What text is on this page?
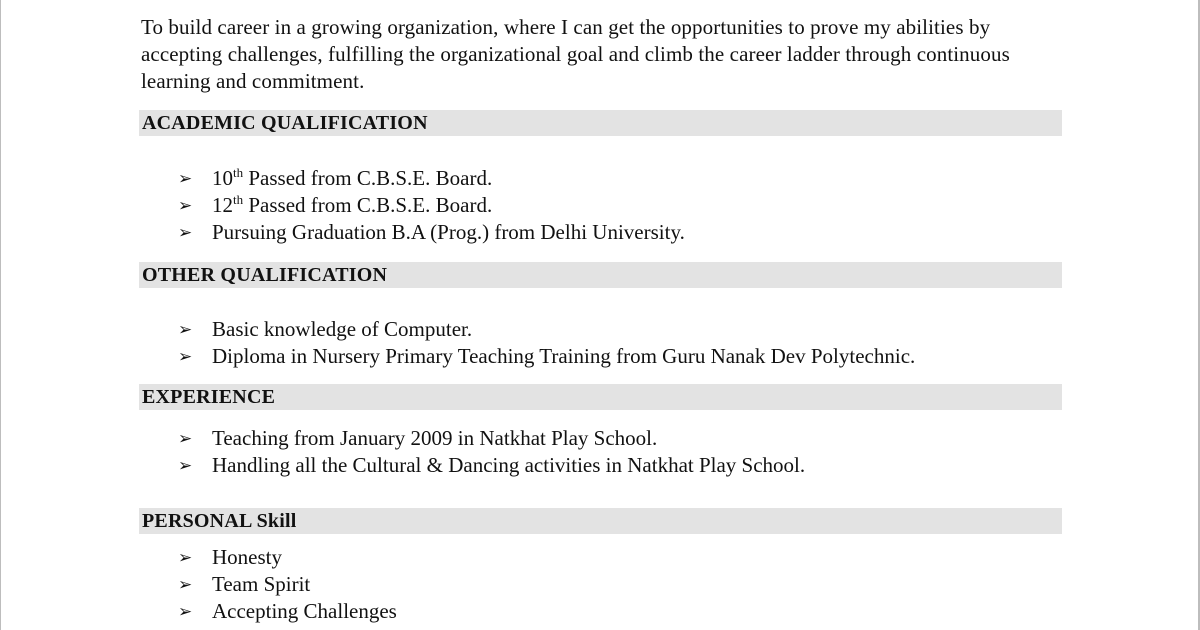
To build career in a growing organization, where I can get the opportunities to prove my abilities by accepting challenges, fulfilling the organizational goal and climb the career ladder through continuous learning and commitment.
ACADEMIC QUALIFICATION
➢ 10th Passed from C.B.S.E. Board.
➢ 12th Passed from C.B.S.E. Board.
➢ Pursuing Graduation B.A (Prog.) from Delhi University.
OTHER QUALIFICATION
➢ Basic knowledge of Computer.
➢ Diploma in Nursery Primary Teaching Training from Guru Nanak Dev Polytechnic.
EXPERIENCE
➢ Teaching from January 2009 in Natkhat Play School.
➢ Handling all the Cultural & Dancing activities in Natkhat Play School.
PERSONAL Skill
➢ Honesty
➢ Team Spirit
➢ Accepting Challenges
